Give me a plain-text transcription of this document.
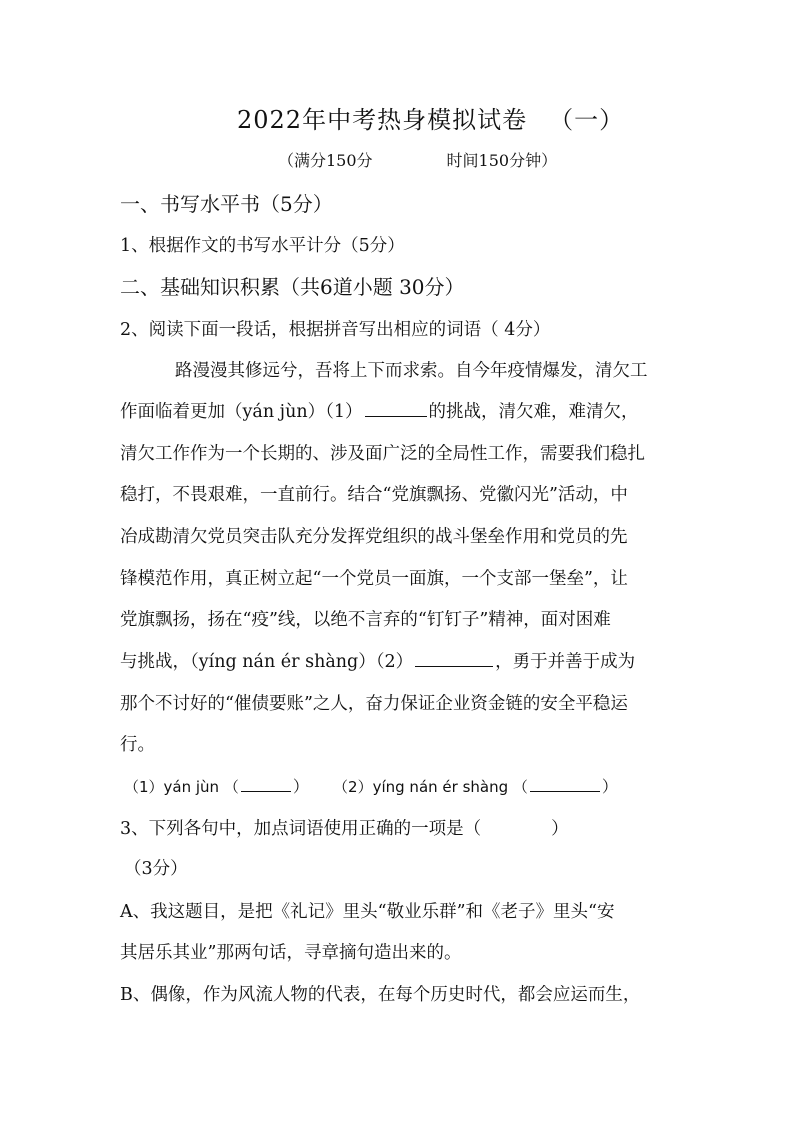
2022年中考热身模拟试卷 （一）
（满分150分	时间150分钟）
一、书写水平书（5分）
1、根据作文的书写水平计分（5分）
二、基础知识积累（共6道小题 30分）
2、阅读下面一段话，根据拼音写出相应的词语（ 4分）
路漫漫其修远兮，吾将上下而求索。自今年疫情爆发，清欠工
作面临着更加（yán jùn）（1）	的挑战，清欠难，难清欠，
清欠工作作为一个长期的、涉及面广泛的全局性工作，需要我们稳扎
稳打，不畏艰难，一直前行。结合“党旗飘扬、党徽闪光”活动，中
冶成勘清欠党员突击队充分发挥党组织的战斗堡垒作用和党员的先
锋模范作用，真正树立起“一个党员一面旗，一个支部一堡垒”，让
党旗飘扬，扬在“疫”线，以绝不言弃的“钉钉子”精神，面对困难
与挑战，（yíng nán ér shàng）（2）	，勇于并善于成为
那个不讨好的“催债要账”之人，奋力保证企业资金链的安全平稳运
行。
（1）yán jùn （	） （2）yíng nán ér shàng （	）
3、下列各句中，加点词语使用正确的一项是（	）
（3分）
A、我这题目，是把《礼记》里头“敬业乐群”和《老子》里头“安
其居乐其业”那两句话，寻章摘句造出来的。
B、偶像，作为风流人物的代表，在每个历史时代，都会应运而生，
